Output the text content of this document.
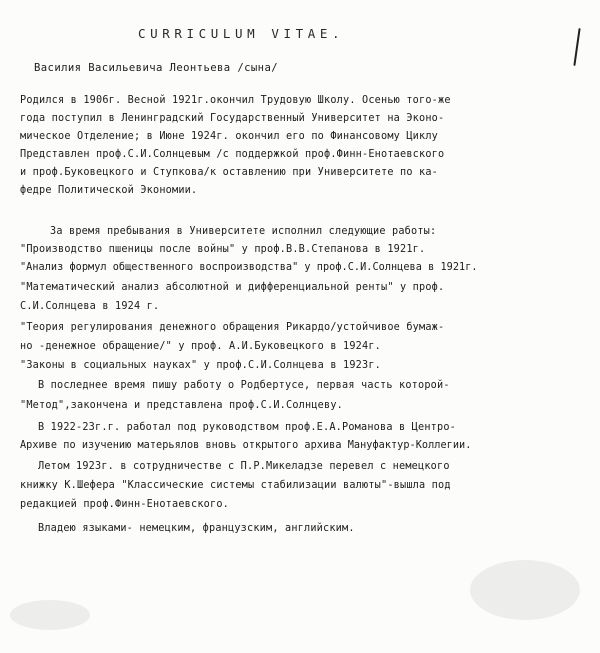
CURRICULUM VITAE.

Василия Васильевича Леонтьева /сына/

Родился в 1906г. Весной 1921г.окончил Трудовую Школу. Осенью того-же

года поступил в Ленинградский Государственный Университет на Эконо-

мическое Отделение; в Июне 1924г. окончил его по Финансовому Циклу

Представлен проф.С.И.Солнцевым /с поддержкой проф.Финн-Енотаевского

и проф.Буковецкого и Ступкова/к оставлению при Университете по ка-

федре Политической Экономии.

За время пребывания в Университете исполнил следующие работы:

"Производство пшеницы после войны" у проф.В.В.Степанова в 1921г.

"Анализ формул общественного воспроизводства" у проф.С.И.Солнцева в 1921г.

"Математический анализ абсолютной и дифференциальной ренты" у проф.

С.И.Солнцева в 1924 г.

"Теория регулирования денежного обращения Рикардо/устойчивое бумаж-

но -денежное обращение/" у проф. А.И.Буковецкого в 1924г.

"Законы в социальных науках" у проф.С.И.Солнцева в 1923г.

В последнее время пишу работу о Родбертусе, первая часть которой-

"Метод",закончена и представлена проф.С.И.Солнцеву.

В 1922-23г.г. работал под руководством проф.Е.А.Романова в Центро-

Архиве по изучению матерьялов вновь открытого архива Мануфактур-Коллегии.

Летом 1923г. в сотрудничестве с П.Р.Микеладзе перевел с немецкого

книжку К.Шефера "Классические системы стабилизации валюты"-вышла под

редакцией проф.Финн-Енотаевского.

Владею языками- немецким, французским, английским.
